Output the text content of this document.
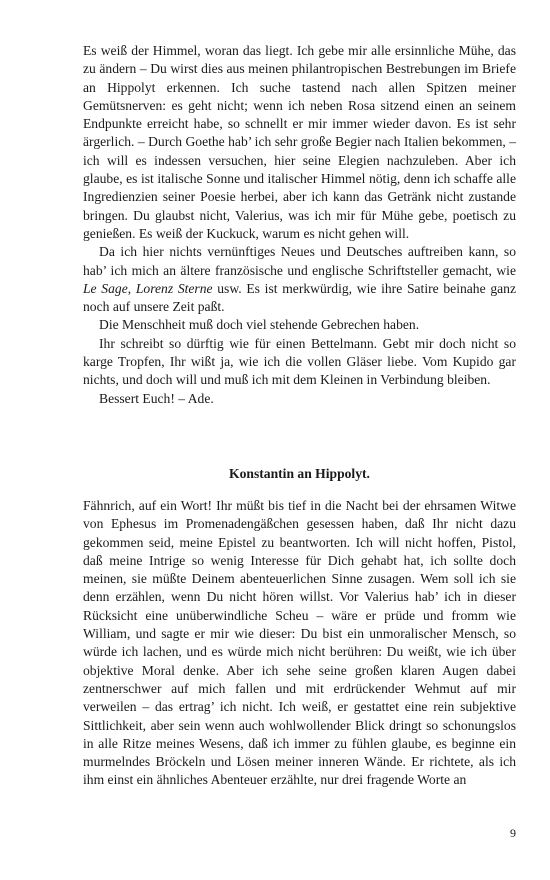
Es weiß der Himmel, woran das liegt. Ich gebe mir alle ersinnliche Mühe, das zu ändern – Du wirst dies aus meinen philantropischen Bestrebungen im Briefe an Hippolyt erkennen. Ich suche tastend nach allen Spitzen meiner Gemütsnerven: es geht nicht; wenn ich neben Rosa sitzend einen an seinem Endpunkte erreicht habe, so schnellt er mir immer wieder davon. Es ist sehr ärgerlich. – Durch Goethe hab’ ich sehr große Begier nach Italien bekommen, – ich will es indessen versuchen, hier seine Elegien nachzuleben. Aber ich glaube, es ist italische Sonne und italischer Himmel nötig, denn ich schaffe alle Ingredienzien seiner Poesie herbei, aber ich kann das Getränk nicht zustande bringen. Du glaubst nicht, Valerius, was ich mir für Mühe gebe, poetisch zu genießen. Es weiß der Kuckuck, warum es nicht gehen will.

Da ich hier nichts vernünftiges Neues und Deutsches auftreiben kann, so hab’ ich mich an ältere französische und englische Schriftsteller gemacht, wie Le Sage, Lorenz Sterne usw. Es ist merkwürdig, wie ihre Satire beinahe ganz noch auf unsere Zeit paßt.

Die Menschheit muß doch viel stehende Gebrechen haben.

Ihr schreibt so dürftig wie für einen Bettelmann. Gebt mir doch nicht so karge Tropfen, Ihr wißt ja, wie ich die vollen Gläser liebe. Vom Kupido gar nichts, und doch will und muß ich mit dem Kleinen in Verbindung bleiben.

Bessert Euch! – Ade.

Konstantin an Hippolyt.

Fähnrich, auf ein Wort! Ihr müßt bis tief in die Nacht bei der ehrsamen Witwe von Ephesus im Promenadengäßchen gesessen haben, daß Ihr nicht dazu gekommen seid, meine Epistel zu beantworten. Ich will nicht hoffen, Pistol, daß meine Intrige so wenig Interesse für Dich gehabt hat, ich sollte doch meinen, sie müßte Deinem abenteuerlichen Sinne zusagen. Wem soll ich sie denn erzählen, wenn Du nicht hören willst. Vor Valerius hab’ ich in dieser Rücksicht eine unüberwindliche Scheu – wäre er prüde und fromm wie William, und sagte er mir wie dieser: Du bist ein unmoralischer Mensch, so würde ich lachen, und es würde mich nicht berühren: Du weißt, wie ich über objektive Moral denke. Aber ich sehe seine großen klaren Augen dabei zentnerschwer auf mich fallen und mit erdrückender Wehmut auf mir verweilen – das ertrag’ ich nicht. Ich weiß, er gestattet eine rein subjektive Sittlichkeit, aber sein wenn auch wohlwollender Blick dringt so schonungslos in alle Ritze meines Wesens, daß ich immer zu fühlen glaube, es beginne ein murmelndes Bröckeln und Lösen meiner inneren Wände. Er richtete, als ich ihm einst ein ähnliches Abenteuer erzählte, nur drei fragende Worte an

9
